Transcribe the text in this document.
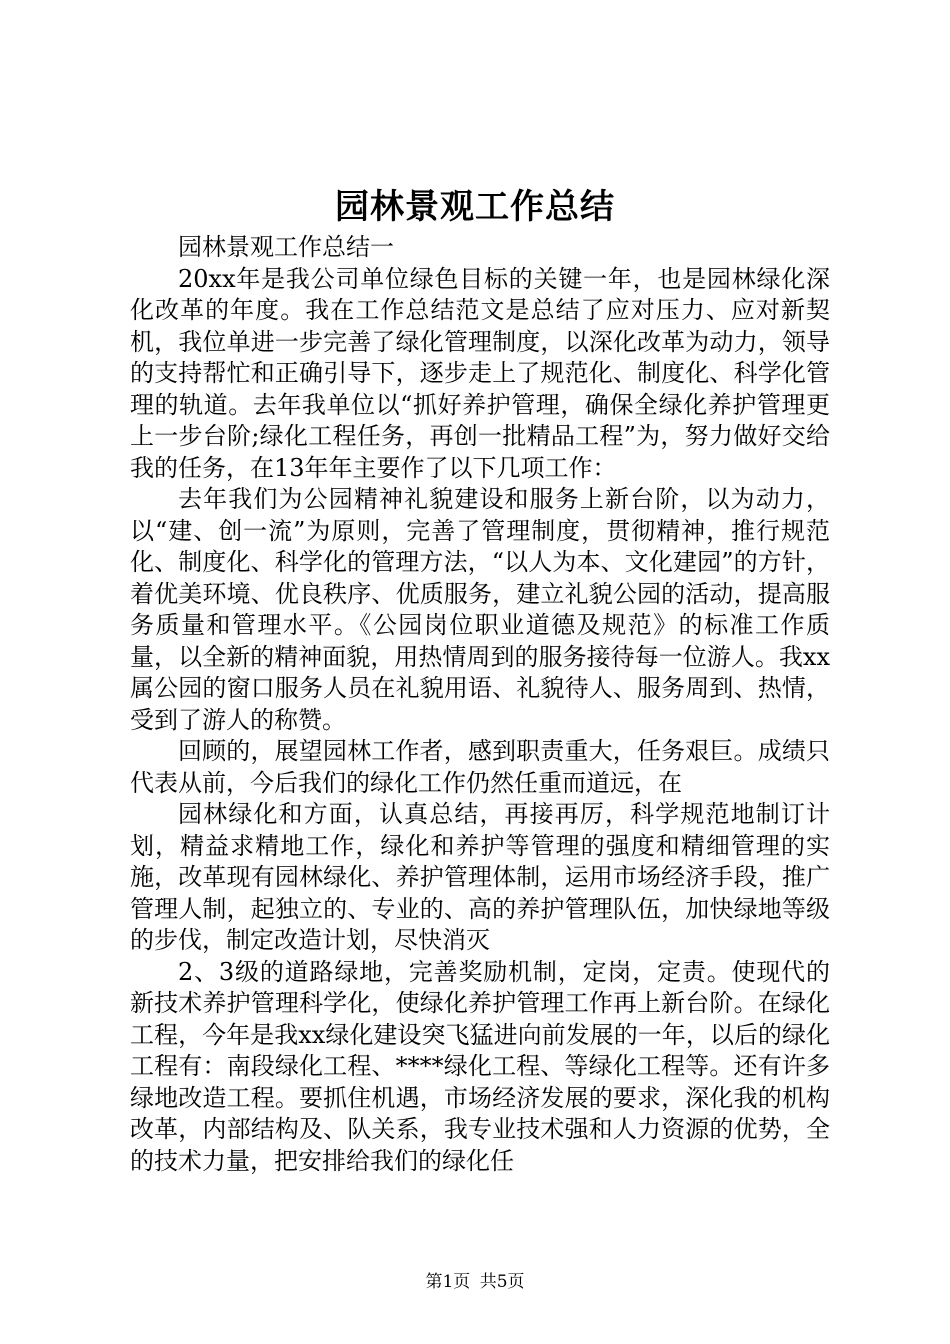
园林景观工作总结

园林景观工作总结一

20xx年是我公司单位绿色目标的关键一年，也是园林绿化深化改革的年度。我在工作总结范文是总结了应对压力、应对新契机，我位单进一步完善了绿化管理制度，以深化改革为动力，领导的支持帮忙和正确引导下，逐步走上了规范化、制度化、科学化管理的轨道。去年我单位以“抓好养护管理，确保全绿化养护管理更上一步台阶;绿化工程任务，再创一批精品工程”为，努力做好交给我的任务，在13年年主要作了以下几项工作：

去年我们为公园精神礼貌建设和服务上新台阶，以为动力，以“建、创一流”为原则，完善了管理制度，贯彻精神，推行规范化、制度化、科学化的管理方法，“以人为本、文化建园”的方针，着优美环境、优良秩序、优质服务，建立礼貌公园的活动，提高服务质量和管理水平。《公园岗位职业道德及规范》的标准工作质量，以全新的精神面貌，用热情周到的服务接待每一位游人。我xx属公园的窗口服务人员在礼貌用语、礼貌待人、服务周到、热情，受到了游人的称赞。

回顾的，展望园林工作者，感到职责重大，任务艰巨。成绩只代表从前，今后我们的绿化工作仍然任重而道远，在

园林绿化和方面，认真总结，再接再厉，科学规范地制订计划，精益求精地工作，绿化和养护等管理的强度和精细管理的实施，改革现有园林绿化、养护管理体制，运用市场经济手段，推广管理人制，起独立的、专业的、高的养护管理队伍，加快绿地等级的步伐，制定改造计划，尽快消灭

2、3级的道路绿地，完善奖励机制，定岗，定责。使现代的新技术养护管理科学化，使绿化养护管理工作再上新台阶。在绿化工程，今年是我xx绿化建设突飞猛进向前发展的一年，以后的绿化工程有：南段绿化工程、****绿化工程、等绿化工程等。还有许多绿地改造工程。要抓住机遇，市场经济发展的要求，深化我的机构改革，内部结构及、队关系，我专业技术强和人力资源的优势，全的技术力量，把安排给我们的绿化任

第1页 共5页
